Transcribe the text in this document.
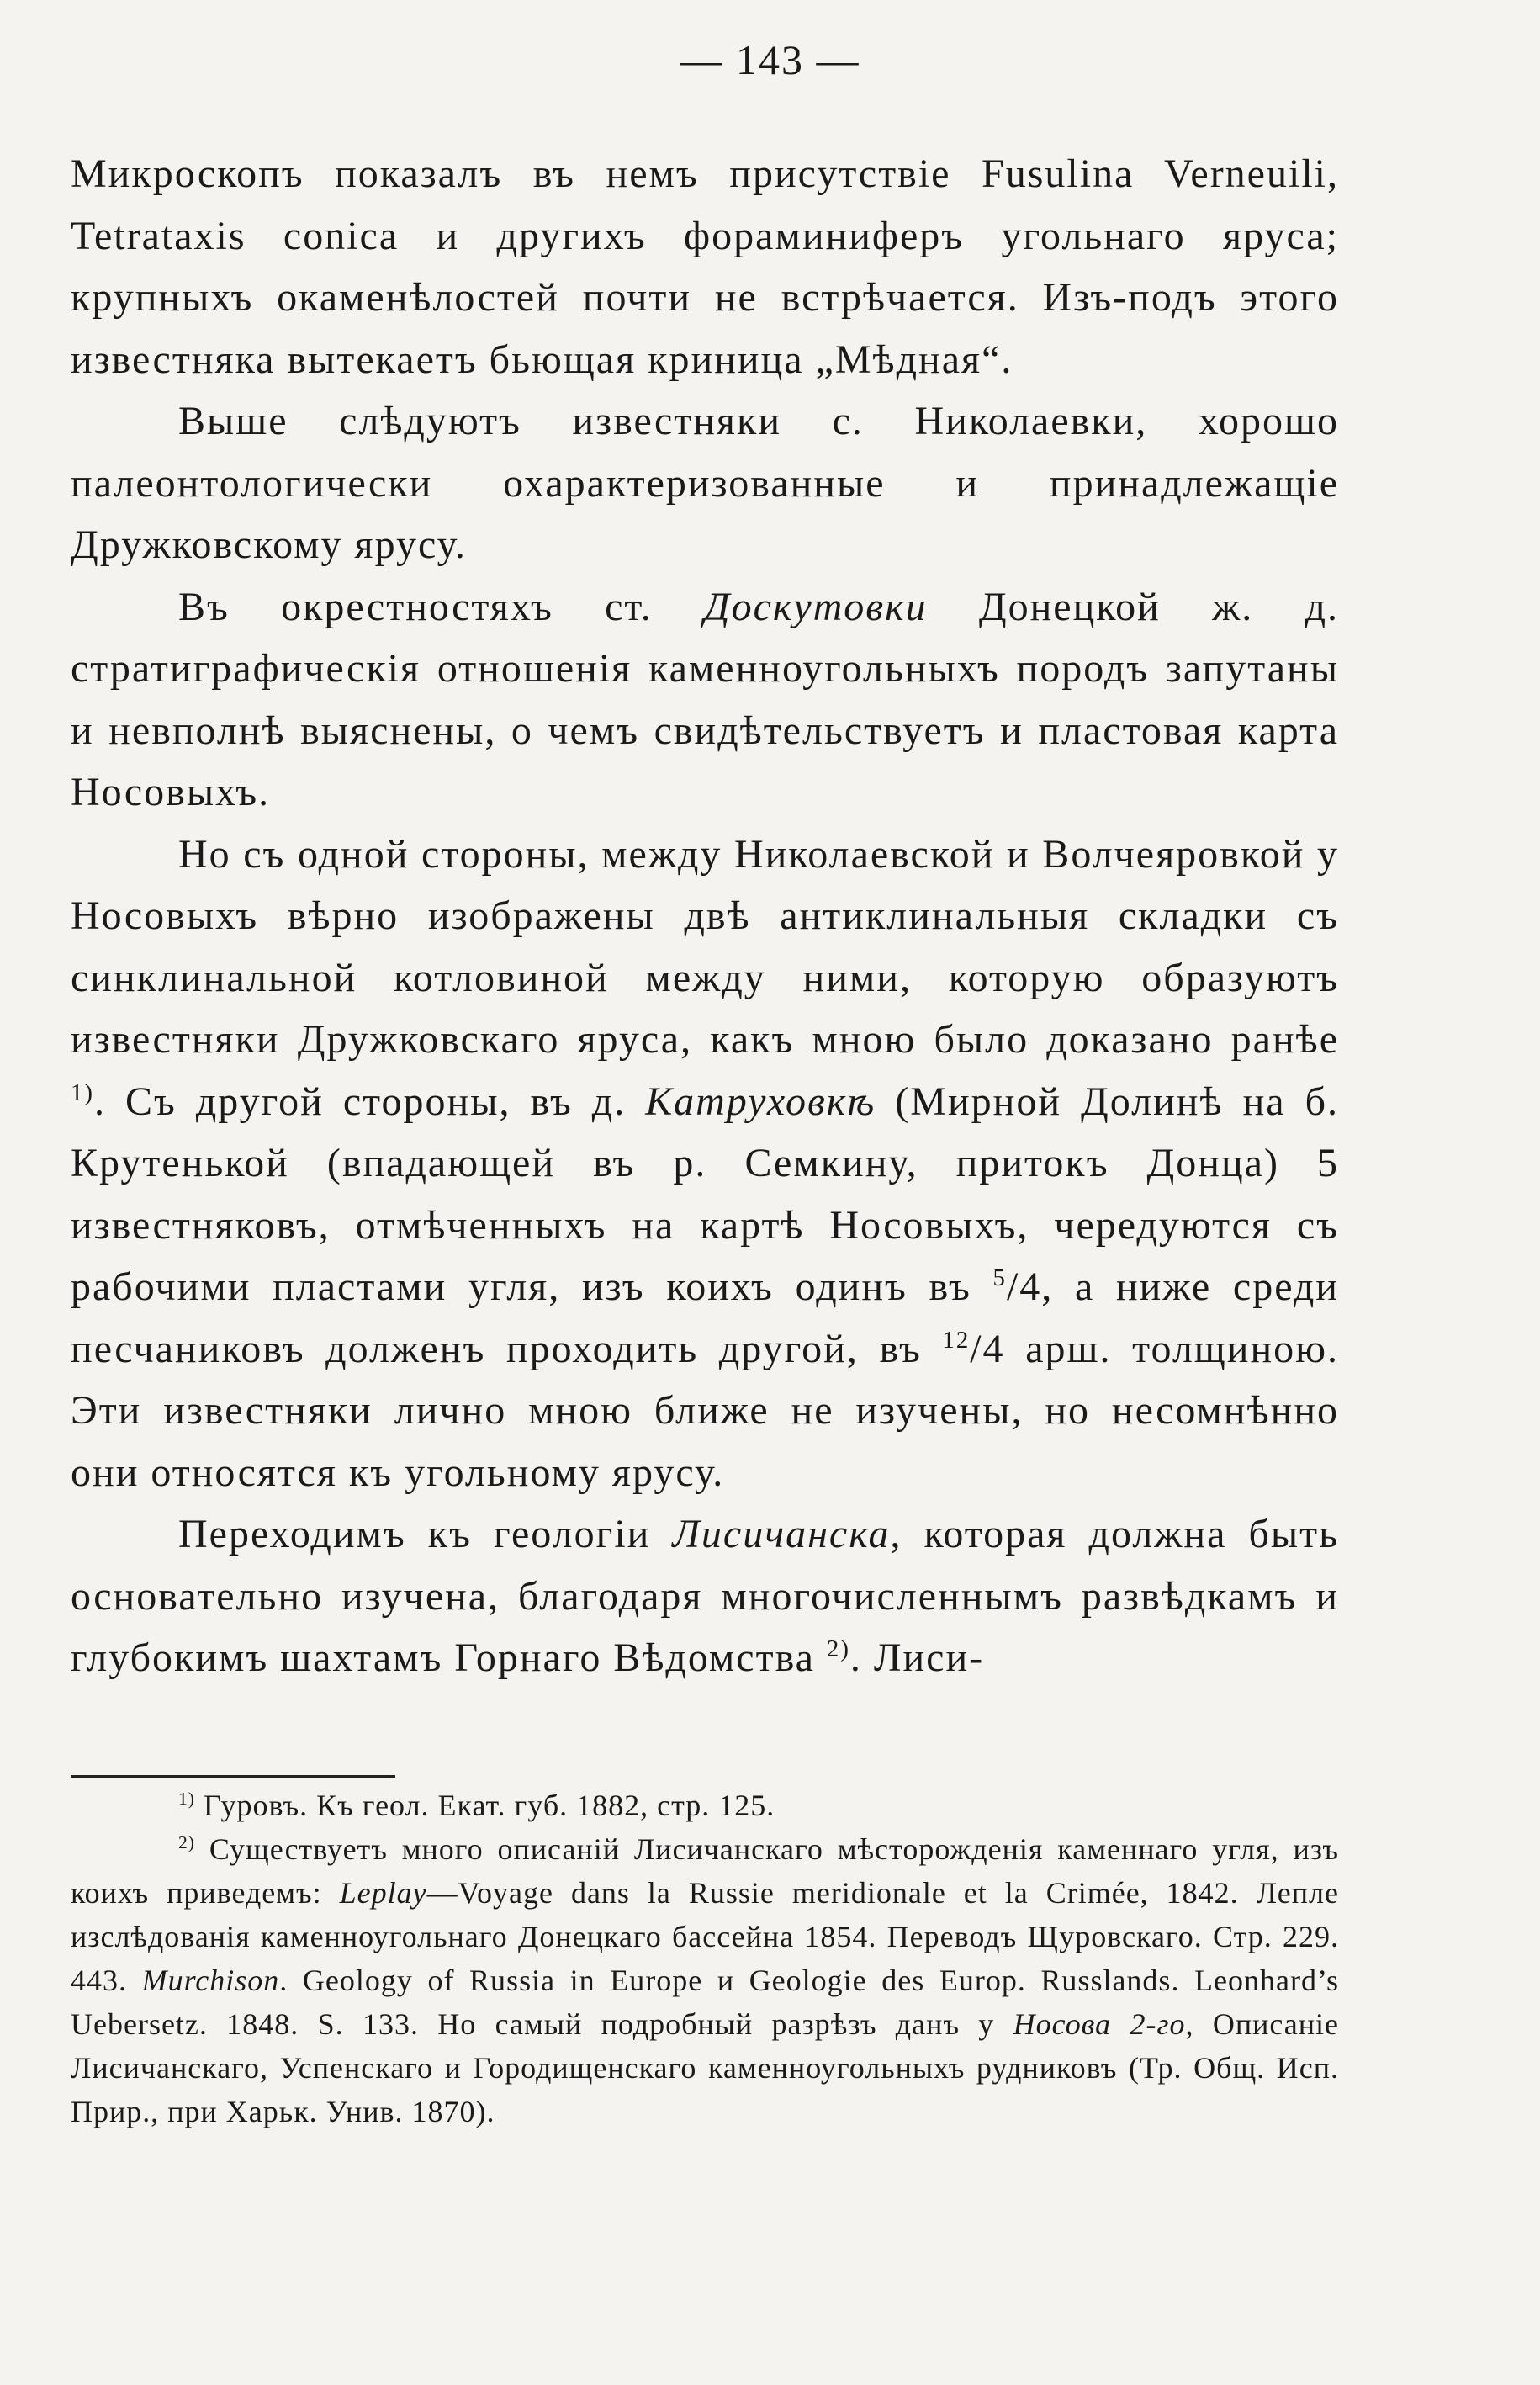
— 143 —

Микроскопъ показалъ въ немъ присутствіе Fusulina Verneuili, Tetrataxis conica и другихъ фораминиферъ угольнаго яруса; крупныхъ окаменѣлостей почти не встрѣчается. Изъ-подъ этого известняка вытекаетъ бьющая криница „Мѣдная“.

Выше слѣдуютъ известняки с. Николаевки, хорошо палеонтологически охарактеризованные и принадлежащіе Дружковскому ярусу.

Въ окрестностяхъ ст. Доскутовки Донецкой ж. д. стратиграфическія отношенія каменноугольныхъ породъ запутаны и невполнѣ выяснены, о чемъ свидѣтельствуетъ и пластовая карта Носовыхъ.

Но съ одной стороны, между Николаевской и Волчеяровкой у Носовыхъ вѣрно изображены двѣ антиклинальныя складки съ синклинальной котловиной между ними, которую образуютъ известняки Дружковскаго яруса, какъ мною было доказано ранѣе $^{1)}$. Съ другой стороны, въ д. Катруховкѣ (Мирной Долинѣ на б. Крутенькой (впадающей въ р. Семкину, притокъ Донца) 5 известняковъ, отмѣченныхъ на картѣ Носовыхъ, чередуются съ рабочими пластами угля, изъ коихъ одинъ въ $^5$/4, а ниже среди песчаниковъ долженъ проходить другой, въ $^{12}$/4 арш. толщиною. Эти известняки лично мною ближе не изучены, но несомнѣнно они относятся къ угольному ярусу.

Переходимъ къ геологіи Лисичанска, которая должна быть основательно изучена, благодаря многочисленнымъ развѣдкамъ и глубокимъ шахтамъ Горнаго Вѣдомства $^{2)}$. Лиси-

$^{1)}$ Гуровъ. Къ геол. Екат. губ. 1882, стр. 125.

$^{2)}$ Существуетъ много описаній Лисичанскаго мѣсторожденія каменнаго угля, изъ коихъ приведемъ: Leplay—Voyage dans la Russie meridionale et la Crimée, 1842. Лепле изслѣдованія каменноугольнаго Донецкаго бассейна 1854. Переводъ Щуровскаго. Стр. 229. 443. Murchison. Geology of Russia in Europe и Geologie des Europ. Russlands. Leonhard’s Uebersetz. 1848. S. 133. Но самый подробный разрѣзъ данъ у Носова 2-го, Описаніе Лисичанскаго, Успенскаго и Городищенскаго каменноугольныхъ рудниковъ (Тр. Общ. Исп. Прир., при Харьк. Унив. 1870).
